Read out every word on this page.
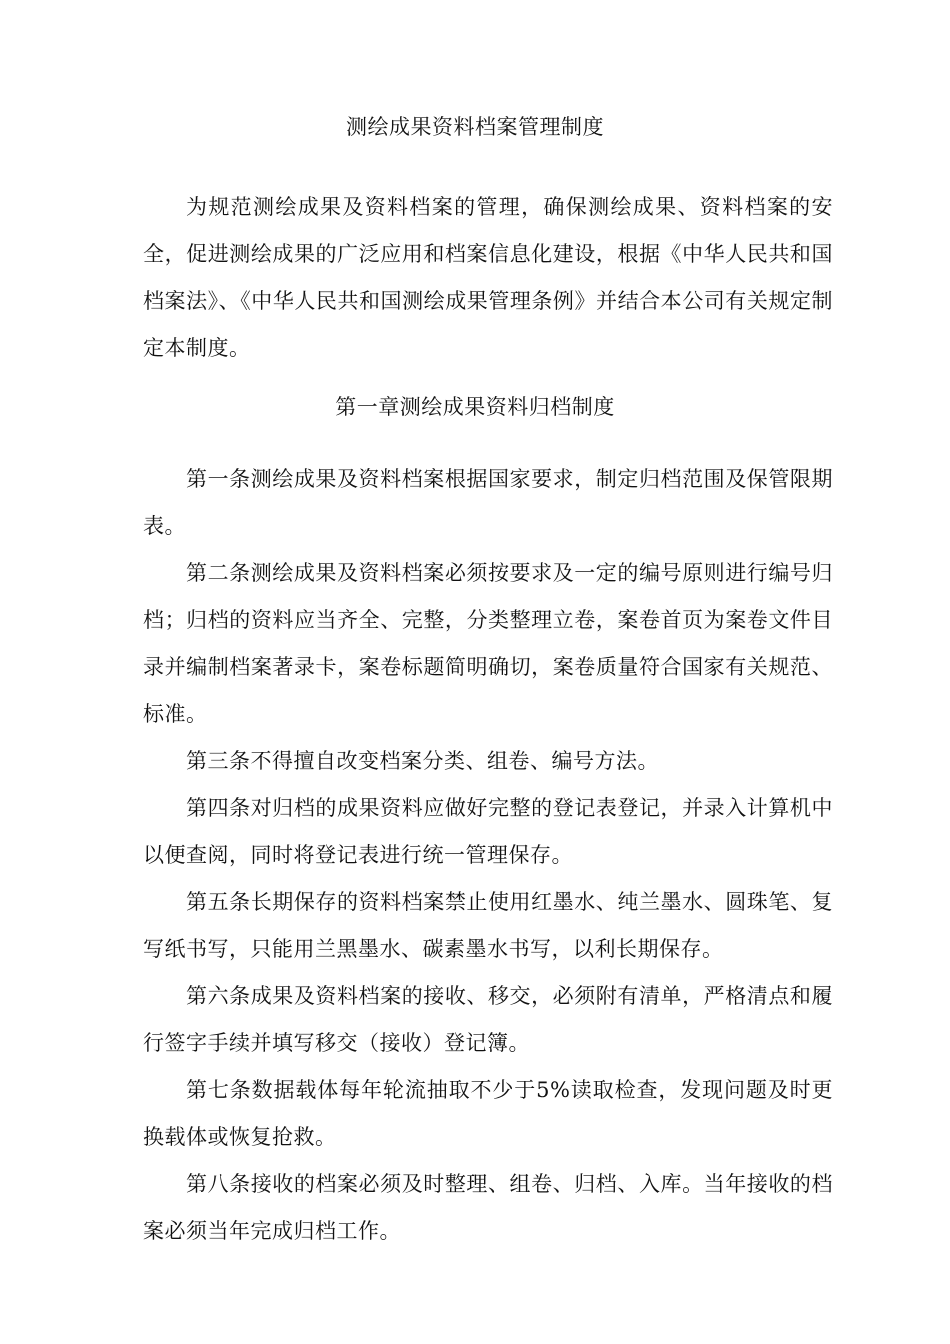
测绘成果资料档案管理制度

为规范测绘成果及资料档案的管理，确保测绘成果、资料档案的安全，促进测绘成果的广泛应用和档案信息化建设，根据《中华人民共和国档案法》、《中华人民共和国测绘成果管理条例》并结合本公司有关规定制定本制度。

第一章测绘成果资料归档制度

第一条测绘成果及资料档案根据国家要求，制定归档范围及保管限期表。

第二条测绘成果及资料档案必须按要求及一定的编号原则进行编号归档；归档的资料应当齐全、完整，分类整理立卷，案卷首页为案卷文件目录并编制档案著录卡，案卷标题简明确切，案卷质量符合国家有关规范、标准。

第三条不得擅自改变档案分类、组卷、编号方法。

第四条对归档的成果资料应做好完整的登记表登记，并录入计算机中以便查阅，同时将登记表进行统一管理保存。

第五条长期保存的资料档案禁止使用红墨水、纯兰墨水、圆珠笔、复写纸书写，只能用兰黑墨水、碳素墨水书写，以利长期保存。

第六条成果及资料档案的接收、移交，必须附有清单，严格清点和履行签字手续并填写移交（接收）登记簿。

第七条数据载体每年轮流抽取不少于5%读取检查，发现问题及时更换载体或恢复抢救。

第八条接收的档案必须及时整理、组卷、归档、入库。当年接收的档案必须当年完成归档工作。
